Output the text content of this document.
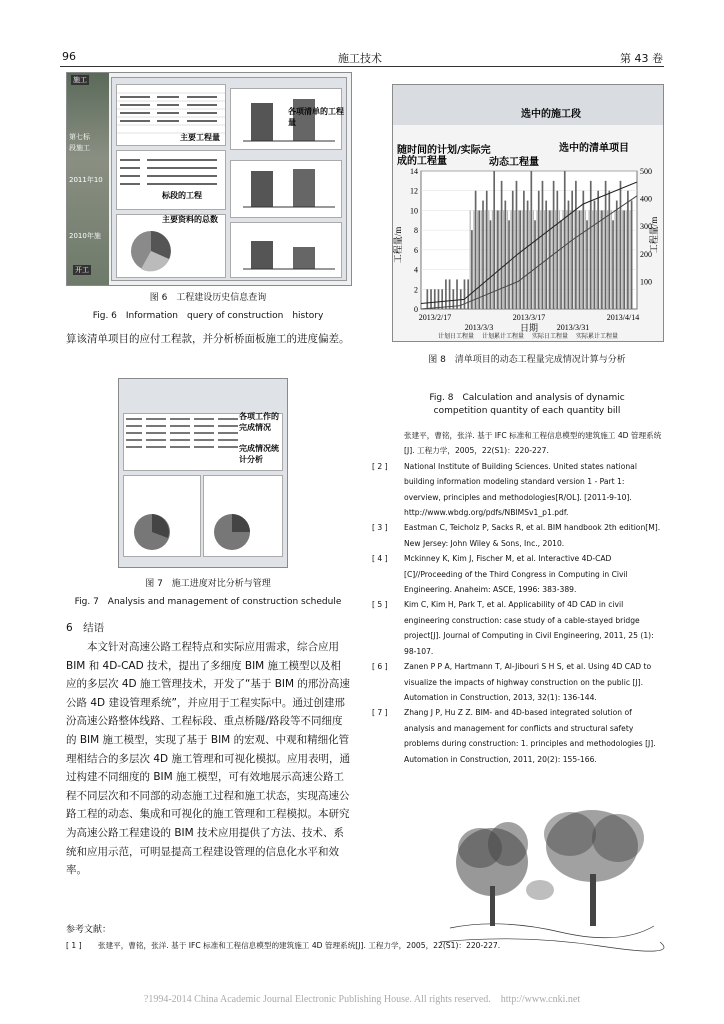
96	施工技术	第 43 卷
施工
第七标
段施工
2011年10
2010年施
开工
各项清单的工程量
主要工程量
标段的工程
主要资料的总数
图 6　工程建设历史信息查询
Fig. 6　Information　query of construction　history
算该清单项目的应付工程款，并分析桥面板施工的进度偏差。
各项工作的完成情况
完成情况统计分析
图 7　施工进度对比分析与管理
Fig. 7　Analysis and management of construction schedule
6　结语
本文针对高速公路工程特点和实际应用需求，综合应用 BIM 和 4D-CAD 技术，提出了多细度 BIM 施工模型以及相应的多层次 4D 施工管理技术，开发了“基于 BIM 的邢汾高速公路 4D 建设管理系统”，并应用于工程实际中。通过创建邢汾高速公路整体线路、工程标段、重点桥隧/路段等不同细度的 BIM 施工模型，实现了基于 BIM 的宏观、中观和精细化管理相结合的多层次 4D 施工管理和可视化模拟。应用表明，通过构建不同细度的 BIM 施工模型，可有效地展示高速公路工程不同层次和不同部的动态施工过程和施工状态，实现高速公路工程的动态、集成和可视化的施工管理和工程模拟。本研究为高速公路工程建设的 BIM 技术应用提供了方法、技术、系统和应用示范，可明显提高工程建设管理的信息化水平和效率。
参考文献：
0
2
4
6
8
10
12
14
100
200
300
400
500
2013/2/17	2013/3/17	2013/4/14
2013/3/3	2013/3/31
工程量/m	工程量/m
日期
选中的施工段
选中的清单项目
随时间的计划/实际完成的工程量	动态工程量
计划日工程量 计划累计工程量 实际日工程量 实际累计工程量
图 8　清单项目的动态工程量完成情况计算与分析
Fig. 8　Calculation and analysis of dynamic
competition quantity of each quantity bill
张建平，曹铭，张洋. 基于 IFC 标准和工程信息模型的建筑施工 4D 管理系统[J]. 工程力学，2005，22(S1)：220-227.
[ 2 ] National Institute of Building Sciences. United states national building information modeling standard version 1 - Part 1: overview, principles and methodologies[R/OL]. [2011-9-10]. http://www.wbdg.org/pdfs/NBIMSv1_p1.pdf.
[ 3 ] Eastman C, Teicholz P, Sacks R, et al. BIM handbook 2th edition[M]. New Jersey: John Wiley & Sons, Inc., 2010.
[ 4 ] Mckinney K, Kim J, Fischer M, et al. Interactive 4D-CAD [C]//Proceeding of the Third Congress in Computing in Civil Engineering. Anaheim: ASCE, 1996: 383-389.
[ 5 ] Kim C, Kim H, Park T, et al. Applicability of 4D CAD in civil engineering construction: case study of a cable-stayed bridge project[J]. Journal of Computing in Civil Engineering, 2011, 25 (1): 98-107.
[ 6 ] Zanen P P A, Hartmann T, Al-Jibouri S H S, et al. Using 4D CAD to visualize the impacts of highway construction on the public [J]. Automation in Construction, 2013, 32(1): 136-144.
[ 7 ] Zhang J P, Hu Z Z. BIM- and 4D-based integrated solution of analysis and management for conflicts and structural safety problems during construction: 1. principles and methodologies [J]. Automation in Construction, 2011, 20(2): 155-166.
[ 1 ] 张建平，曹铭，张洋. 基于 IFC 标准和工程信息模型的建筑施工 4D 管理系统[J]. 工程力学，2005，22(S1)：220-227.
?1994-2014 China Academic Journal Electronic Publishing House. All rights reserved.　http://www.cnki.net
